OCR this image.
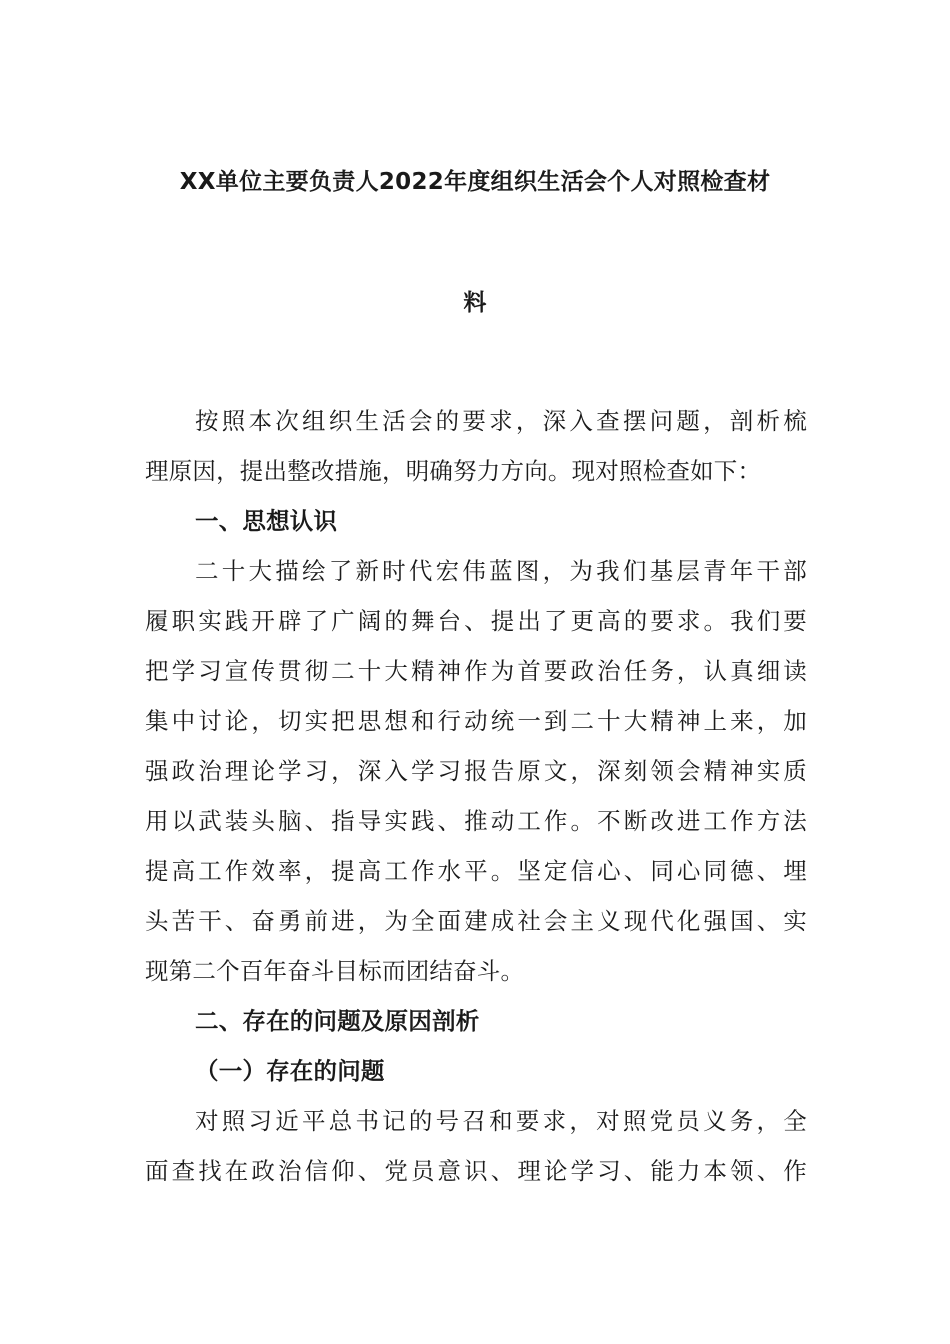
XX单位主要负责人2022年度组织生活会个人对照检查材
料
按照本次组织生活会的要求，深入查摆问题，剖析梳
理原因，提出整改措施，明确努力方向。现对照检查如下：
一、思想认识
二十大描绘了新时代宏伟蓝图，为我们基层青年干部
履职实践开辟了广阔的舞台、提出了更高的要求。我们要
把学习宣传贯彻二十大精神作为首要政治任务，认真细读
集中讨论，切实把思想和行动统一到二十大精神上来，加
强政治理论学习，深入学习报告原文，深刻领会精神实质
用以武装头脑、指导实践、推动工作。不断改进工作方法
提高工作效率，提高工作水平。坚定信心、同心同德、埋
头苦干、奋勇前进，为全面建成社会主义现代化强国、实
现第二个百年奋斗目标而团结奋斗。
二、存在的问题及原因剖析
（一）存在的问题
对照习近平总书记的号召和要求，对照党员义务，全
面查找在政治信仰、党员意识、理论学习、能力本领、作
